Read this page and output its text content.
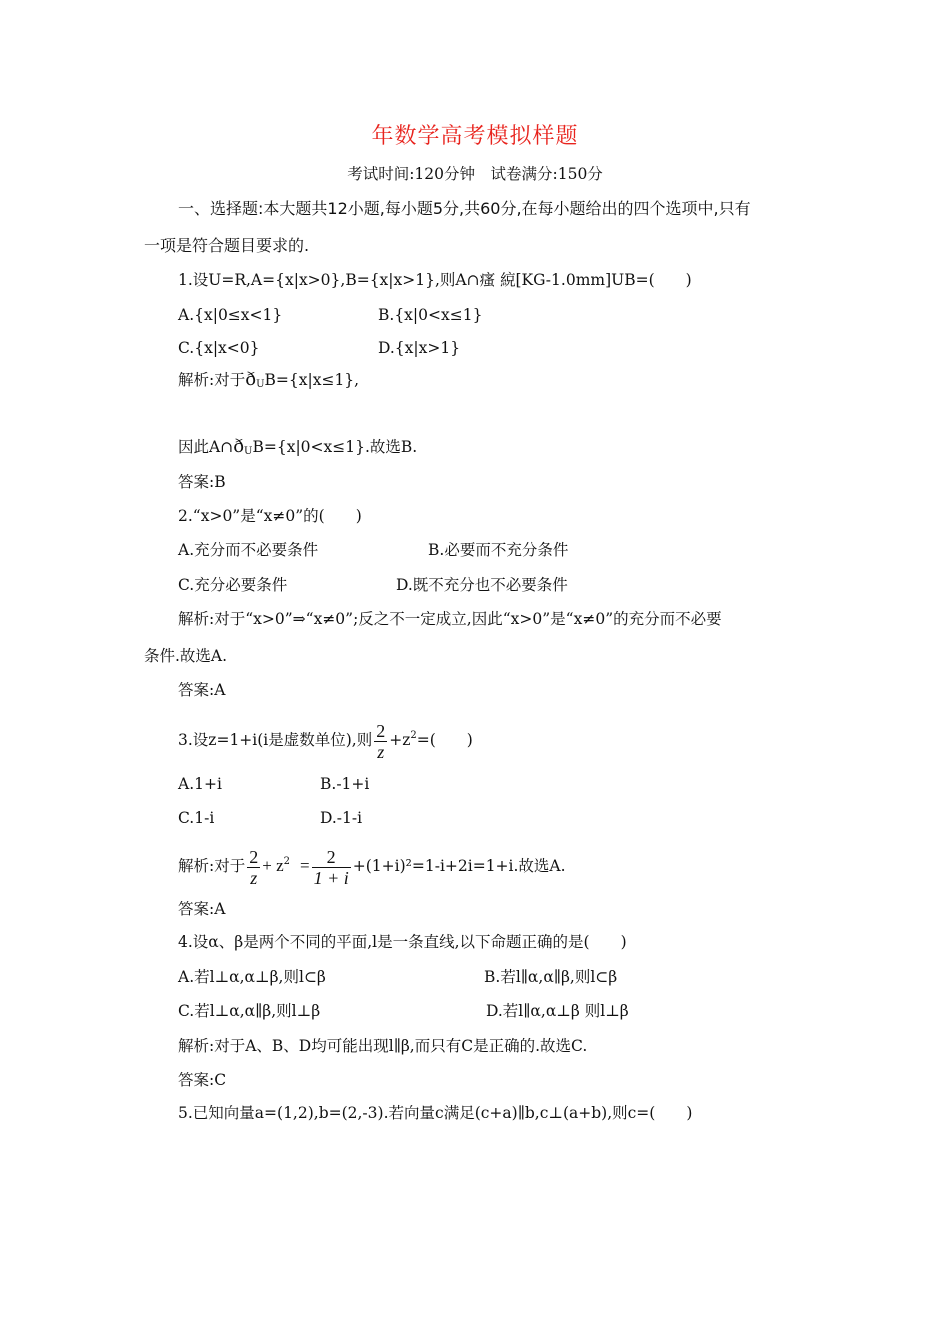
年数学高考模拟样题
考试时间:120分钟　试卷满分:150分
一、选择题:本大题共12小题,每小题5分,共60分,在每小题给出的四个选项中,只有
一项是符合题目要求的.
1.设U=R,A={x|x>0},B={x|x>1},则A∩瘙 綂[KG-1.0mm]UB=(　　)
A.{x|0≤x<1}	B.{x|0<x≤1}
C.{x|x<0}	D.{x|x>1}
解析:对于ðUB={x|x≤1},
因此A∩ðUB={x|0<x≤1}.故选B.
答案:B
2.“x>0”是“x≠0”的(　　)
A.充分而不必要条件	B.必要而不充分条件
C.充分必要条件	D.既不充分也不必要条件
解析:对于“x>0”⇒“x≠0”;反之不一定成立,因此“x>0”是“x≠0”的充分而不必要
条件.故选A.
答案:A
3.设z=1+i(i是虚数单位),则 $\frac{2}{z} +z^2=$(　　)
A.1+i	B.-1+i
C.1-i	D.-1-i
解析:对于 $\frac{2}{z} + z^2 = \frac{2}{1 + i} +(1+i)^2=1-i+2i=1+i$.故选A.
答案:A
4.设α、β是两个不同的平面,l是一条直线,以下命题正确的是(　　)
A.若l⊥α,α⊥β,则l⊂β	B.若l∥α,α∥β,则l⊂β
C.若l⊥α,α∥β,则l⊥β	D.若l∥α,α⊥β 则l⊥β
解析:对于A、B、D均可能出现l∥β,而只有C是正确的.故选C.
答案:C
5.已知向量a=(1,2),b=(2,-3).若向量c满足(c+a)∥b,c⊥(a+b),则c=(　　)
